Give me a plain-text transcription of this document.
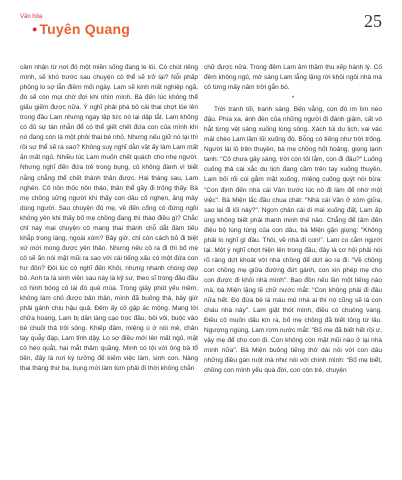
Văn hóa
● Tuyên Quang	25

cảm nhận từ nơi đó một miền sống đang le lói. Có chút riêng mình, sẽ khó trước sau chuyện có thể sẽ trở lại? Nỗi phấp phỏng lo sợ lẫn điềm mối ngày. Lam sẽ kinh mất nghiệp ngã, đó sẽ còn mọi chờ đợi khi nhìn mình. Bà đến lúc không thể giấu giếm được nữa. Ý nghĩ phải phá bỏ cái thai chợt lóe lên trong đầu Lam nhưng ngay lập tức nó lại dập tắt. Lam không có đủ sự tàn nhẫn để có thể giết chết đứa con của mình khi nó đang còn là một phôi thai bé nhỏ. Nhưng nếu giữ nó lại thì rồi sự thể sẽ ra sao? Không suy nghĩ dằn vặt ấy làm Lam mất ăn mất ngủ. Nhiều lúc Lam muốn chết quách cho nhẹ người. Nhưng nghĩ đến đứa trẻ trong bụng, cô không đành vì biết nằng chẳng thể chết thành thân được. Hai tháng sau, Lam nghén. Cô nôn thốc nôn tháo, thân thể gầy đi trông thấy. Bà mẹ chồng sững người khi thấy con dâu cố nghẹn, ăng mây dùng người. Sau chuyện đó mẹ, về đến cổng cô đứng ngồi không yên khi thấy bố mẹ chồng đang thì thào điều gì? Chắc chỉ nay mai chuyện cô mang thai thành chỗ dắt đàm tiếu khắp trong làng, ngoài xóm? Bây giờ, chỉ còn cách bỏ đi biệt xứ mới mong được yên thân. Nhưng nếu cô ra đi thì bố mẹ cô sẽ ăn nói mặt mũi ra sao với cái tiếng xấu có một đứa con hư đốn? Đôi lúc cô nghĩ đến Khôi, nhưng nhanh chóng dẹp bỏ. Anh ta là sinh viên sau này là kỹ sư, theo sĩ trong đầu đầu có hình bóng cô lái đò quê mùa. Trong giây phút yếu mềm, không làm chủ được bản thân, mình đã buông thả, bây giờ phải gánh chịu hậu quả. Đêm ấy cô gặp ác mộng. Mang lời chửa hoang, Lam bị dân làng cạo trọc đầu, bôi vôi, buộc vào bè chuối thả trôi sông. Khiếp đảm, miệng ú ớ nói mê, chân tay quẫy đạp, Lam tỉnh dậy. Lo sợ điều mới lên mất ngủ, mặt cô héo quắt, hai mắt thâm quầng. Mình có tội với ông bà tổ tiên, đây là nơi ký tưởng để kiếm việc làm, sinh con. Nàng thai tháng thứ ba, bụng mới làm tùm phải đi thời không chắn

chữ được nữa. Trong đêm Lam âm thầm thu xếp hành lý. Cố đêm không ngủ, mờ sáng Lam lẳng lặng rời khỏi ngôi nhà mà cô từng mấy năm trời gắn bó.

*

Trời tranh tối, tranh sáng. Bến vắng, con đò im lìm neo đậu. Phía xa, ánh đèn của những người đi đánh giậm, cất vó hắt từng vệt sáng xuống lòng sông. Xách túi du lịch, vai vác mái chèo Lam lầm lũi xuống đò. Bỗng có tiếng như trời trống. Người lái lỏ trên thuyền, bà mẹ chồng hốt hoảng, giọng lạnh tanh: "Cô chưa gây sáng, trời còn tối lắm, con đi đâu?" Luống cuống thả cái xắc du lịch đang cầm trên tay xuống thuyền, Lam bối rối cúi gằm mặt xuống, miệng cuống quýt nói bừa: "Con định đến nhà cái Vân trước lúc nó đi làm để nhờ một việc". Bà Miện lắc đầu chua chát: "Nhà cái Vân ở xóm giữa, sao lại đi lối này?". Ngơn chân cái di mái xuống đất, Lam ấp úng không biết phải thanh minh thế nào. Chẳng để tâm đến điệu bộ lúng túng của con dâu, bà Miện gặn giọng: "Không phải lo nghĩ gì đâu. Thôi, về nhà đi con!". Lam co cắm người lại. Một ý nghĩ chợt hiện lên trong đầu, đây là cơ hội phải nói rõ ràng dứt khoát với nhà chồng để dứt áo ra đi: "Về chồng con chồng mẹ giữa đường đứt gánh, con xin phép mẹ cho con được đi khỏi nhà mình". Bao đồn nếu lần một tiếng nào mà, bà Miện lặng lẽ chữ nước mắt: "Con không phải đi đâu nữa hết. Đó đứa bé là máu mủ nhà ai thì nó cũng sẽ là con cháu nhà này". Lam giật thót mình, điều có chuông vang. Điều cô muốn dấu kín ra, bố mẹ chồng đã biết tỏng từ lâu. Ngượng ngùng, Lam rơm nước mắt: "Bố mẹ đã biết hết rồi ư, vậy mẹ để cho con đi. Con không còn mặt mũi nào ở lại nhà mình nữa". Bà Miện buông tiếng thở dài nói với con dâu những điều gan ruột mà như nói với chính mình: "Bố mẹ biết, chồng con mình yểu quá đời, con còn trẻ, chuyện
